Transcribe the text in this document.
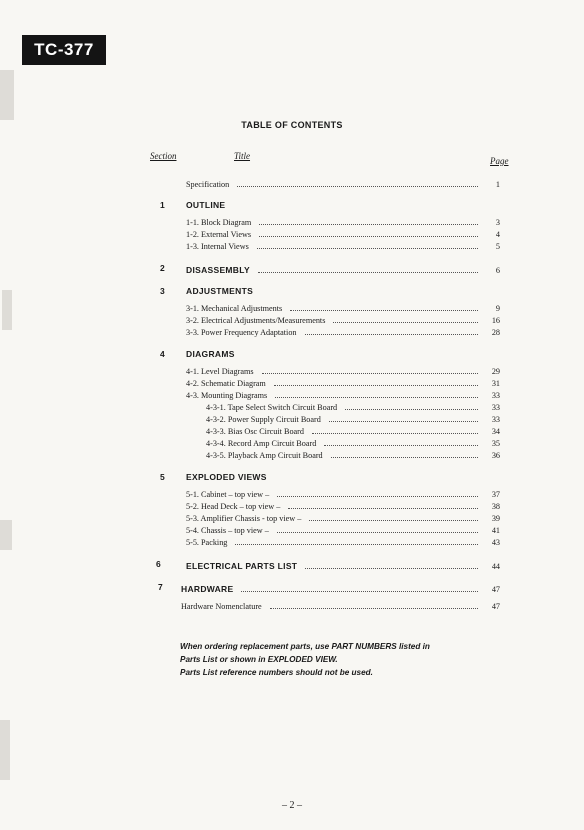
TC-377
TABLE OF CONTENTS
Section	Title	Page
Specification	1
1	OUTLINE
1-1. Block Diagram	3
1-2. External Views	4
1-3. Internal Views	5
2	DISASSEMBLY	6
3	ADJUSTMENTS
3-1. Mechanical Adjustments	9
3-2. Electrical Adjustments/Measurements	16
3-3. Power Frequency Adaptation	28
4	DIAGRAMS
4-1. Level Diagrams	29
4-2. Schematic Diagram	31
4-3. Mounting Diagrams	33
4-3-1. Tape Select Switch Circuit Board	33
4-3-2. Power Supply Circuit Board	33
4-3-3. Bias Osc Circuit Board	34
4-3-4. Record Amp Circuit Board	35
4-3-5. Playback Amp Circuit Board	36
5	EXPLODED VIEWS
5-1. Cabinet – top view –	37
5-2. Head Deck – top view –	38
5-3. Amplifier Chassis - top view –	39
5-4. Chassis – top view –	41
5-5. Packing	43
6	ELECTRICAL PARTS LIST	44
7 HARDWARE	47
Hardware Nomenclature	47
When ordering replacement parts, use PART NUMBERS listed in
Parts List or shown in EXPLODED VIEW.
Parts List reference numbers should not be used.
– 2 –
